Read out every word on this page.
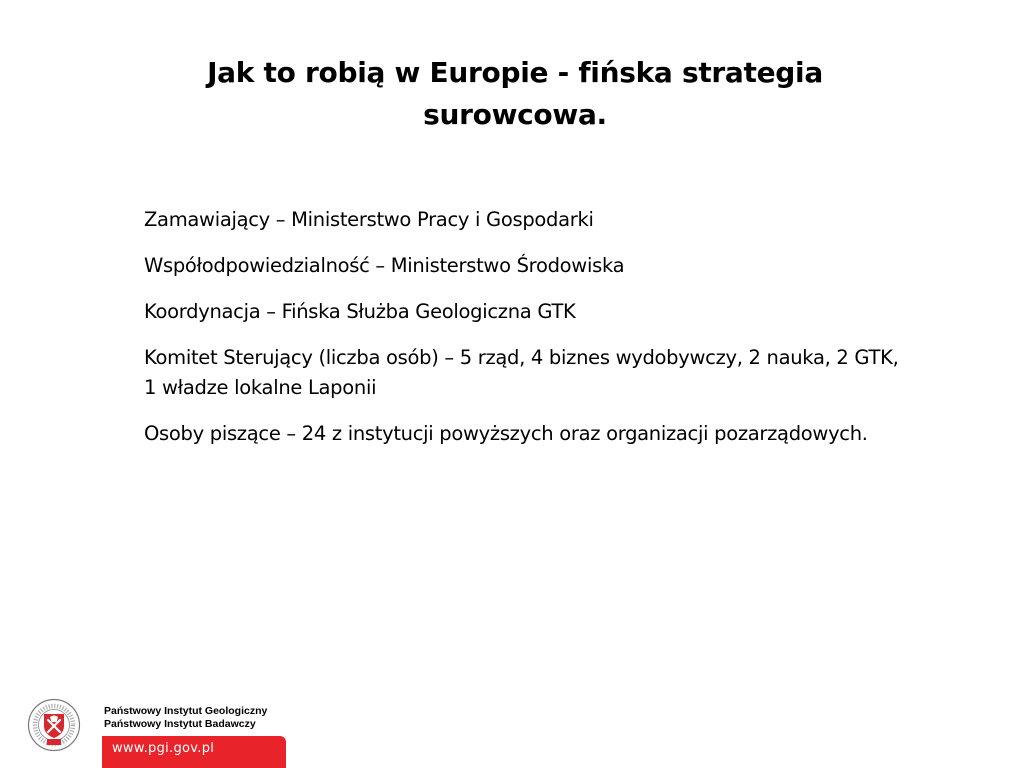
Jak to robią w Europie - fińska strategia surowcowa.

Zamawiający – Ministerstwo Pracy i Gospodarki

Współodpowiedzialność – Ministerstwo Środowiska

Koordynacja – Fińska Służba Geologiczna GTK

Komitet Sterujący (liczba osób) – 5 rząd, 4 biznes wydobywczy, 2 nauka, 2 GTK, 1 władze lokalne Laponii

Osoby piszące – 24 z instytucji powyższych oraz organizacji pozarządowych.

Państwowy Instytut Geologiczny
Państwowy Instytut Badawczy
www.pgi.gov.pl
